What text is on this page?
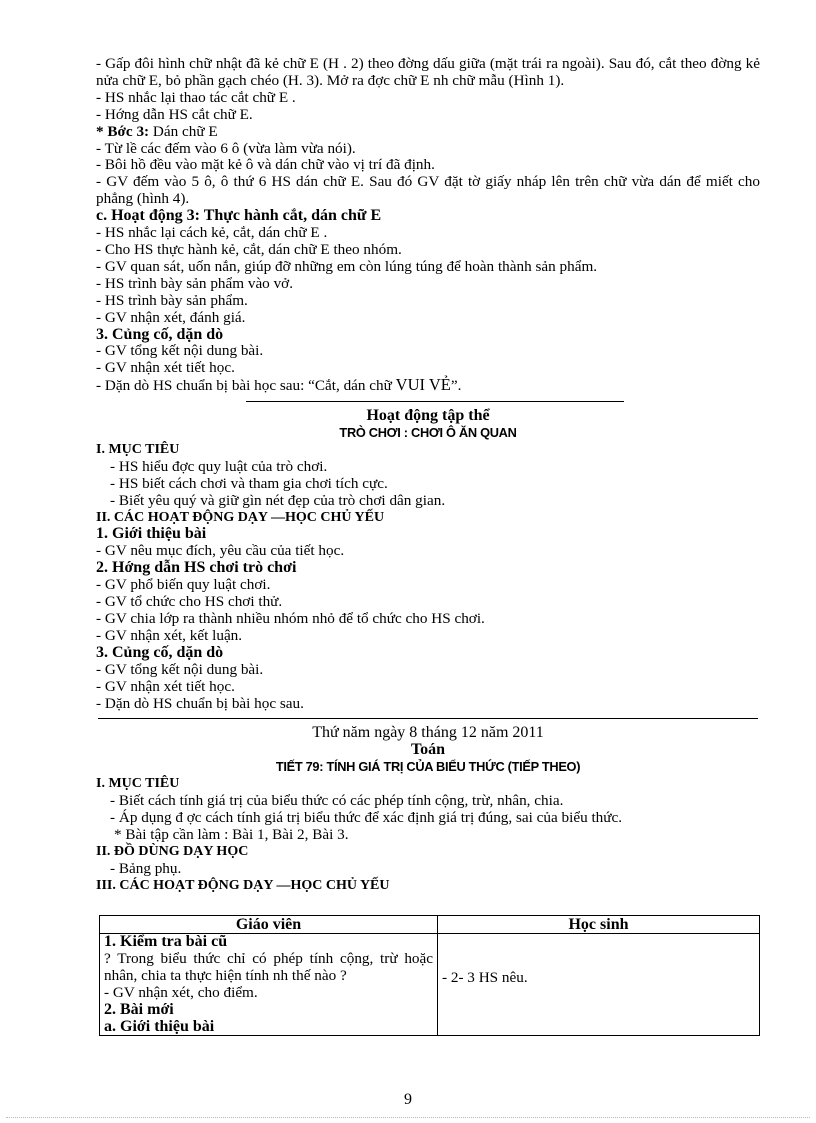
- Gấp đôi hình chữ nhật đã kẻ chữ E (H . 2) theo đờng dấu giữa (mặt trái ra ngoài). Sau đó, cắt theo đờng kẻ nửa chữ E, bỏ phần gạch chéo (H. 3). Mở ra đợc chữ E nh chữ mẫu (Hình 1).

- HS nhắc lại thao tác cắt chữ E .

- Hớng dẫn HS cắt chữ E.

* Bớc 3: Dán chữ E

- Từ lề các đếm vào 6 ô (vừa làm vừa nói).

- Bôi hồ đều vào mặt kẻ ô và dán chữ vào vị trí đã định.

- GV đếm vào 5 ô, ô thứ 6 HS dán chữ E. Sau đó GV đặt tờ giấy nháp lên trên chữ vừa dán để miết cho phẳng (hình 4).

c. Hoạt động 3: Thực hành cắt, dán chữ E

- HS nhắc lại cách kẻ, cắt, dán chữ E .

- Cho HS thực hành kẻ, cắt, dán chữ E theo nhóm.

- GV quan sát, uốn nắn, giúp đỡ những em còn lúng túng để hoàn thành sản phẩm.

- HS trình bày sản phẩm vào vở.

- HS trình bày sản phẩm.

- GV nhận xét, đánh giá.

3. Củng cố, dặn dò

- GV tổng kết nội dung bài.

- GV nhận xét tiết học.

- Dặn dò HS chuẩn bị bài học sau: “Cắt, dán chữ VUI VẺ”.

Hoạt động tập thể

TRÒ CHƠI : CHƠI Ô ĂN QUAN

I. MỤC TIÊU

- HS hiểu đợc quy luật của trò chơi.

- HS biết cách chơi và tham gia chơi tích cực.

- Biết yêu quý và giữ gìn nét đẹp của trò chơi dân gian.

II. CÁC HOẠT ĐỘNG DẠY —HỌC CHỦ YẾU

1. Giới thiệu bài

- GV nêu mục đích, yêu cầu của tiết học.

2. Hớng dẫn HS chơi trò chơi

- GV phổ biến quy luật chơi.

- GV tổ chức cho HS chơi thử.

- GV chia lớp ra thành nhiều nhóm nhỏ để tổ chức cho HS chơi.

- GV nhận xét, kết luận.

3. Củng cố, dặn dò

- GV tổng kết nội dung bài.

- GV nhận xét tiết học.

- Dặn dò HS chuẩn bị bài học sau.

Thứ năm ngày 8 tháng 12 năm 2011

Toán

TIẾT 79: TÍNH GIÁ TRỊ CỦA BIỂU THỨC (TIẾP THEO)

I. MỤC TIÊU

- Biết cách tính giá trị của biểu thức có các phép tính cộng, trừ, nhân, chia.

- Áp dụng đ ợc cách tính giá trị biểu thức để xác định giá trị đúng, sai của biểu thức.

* Bài tập cần làm : Bài 1, Bài 2, Bài 3.

II. ĐỒ DÙNG DẠY HỌC

- Bảng phụ.

III. CÁC HOẠT ĐỘNG DẠY —HỌC CHỦ YẾU

Giáo viên	Học sinh

1. Kiểm tra bài cũ
? Trong biểu thức chỉ có phép tính cộng, trừ hoặc nhân, chia ta thực hiện tính nh thế nào ?
- GV nhận xét, cho điểm.
2. Bài mới
a. Giới thiệu bài	- 2- 3 HS nêu.
9
